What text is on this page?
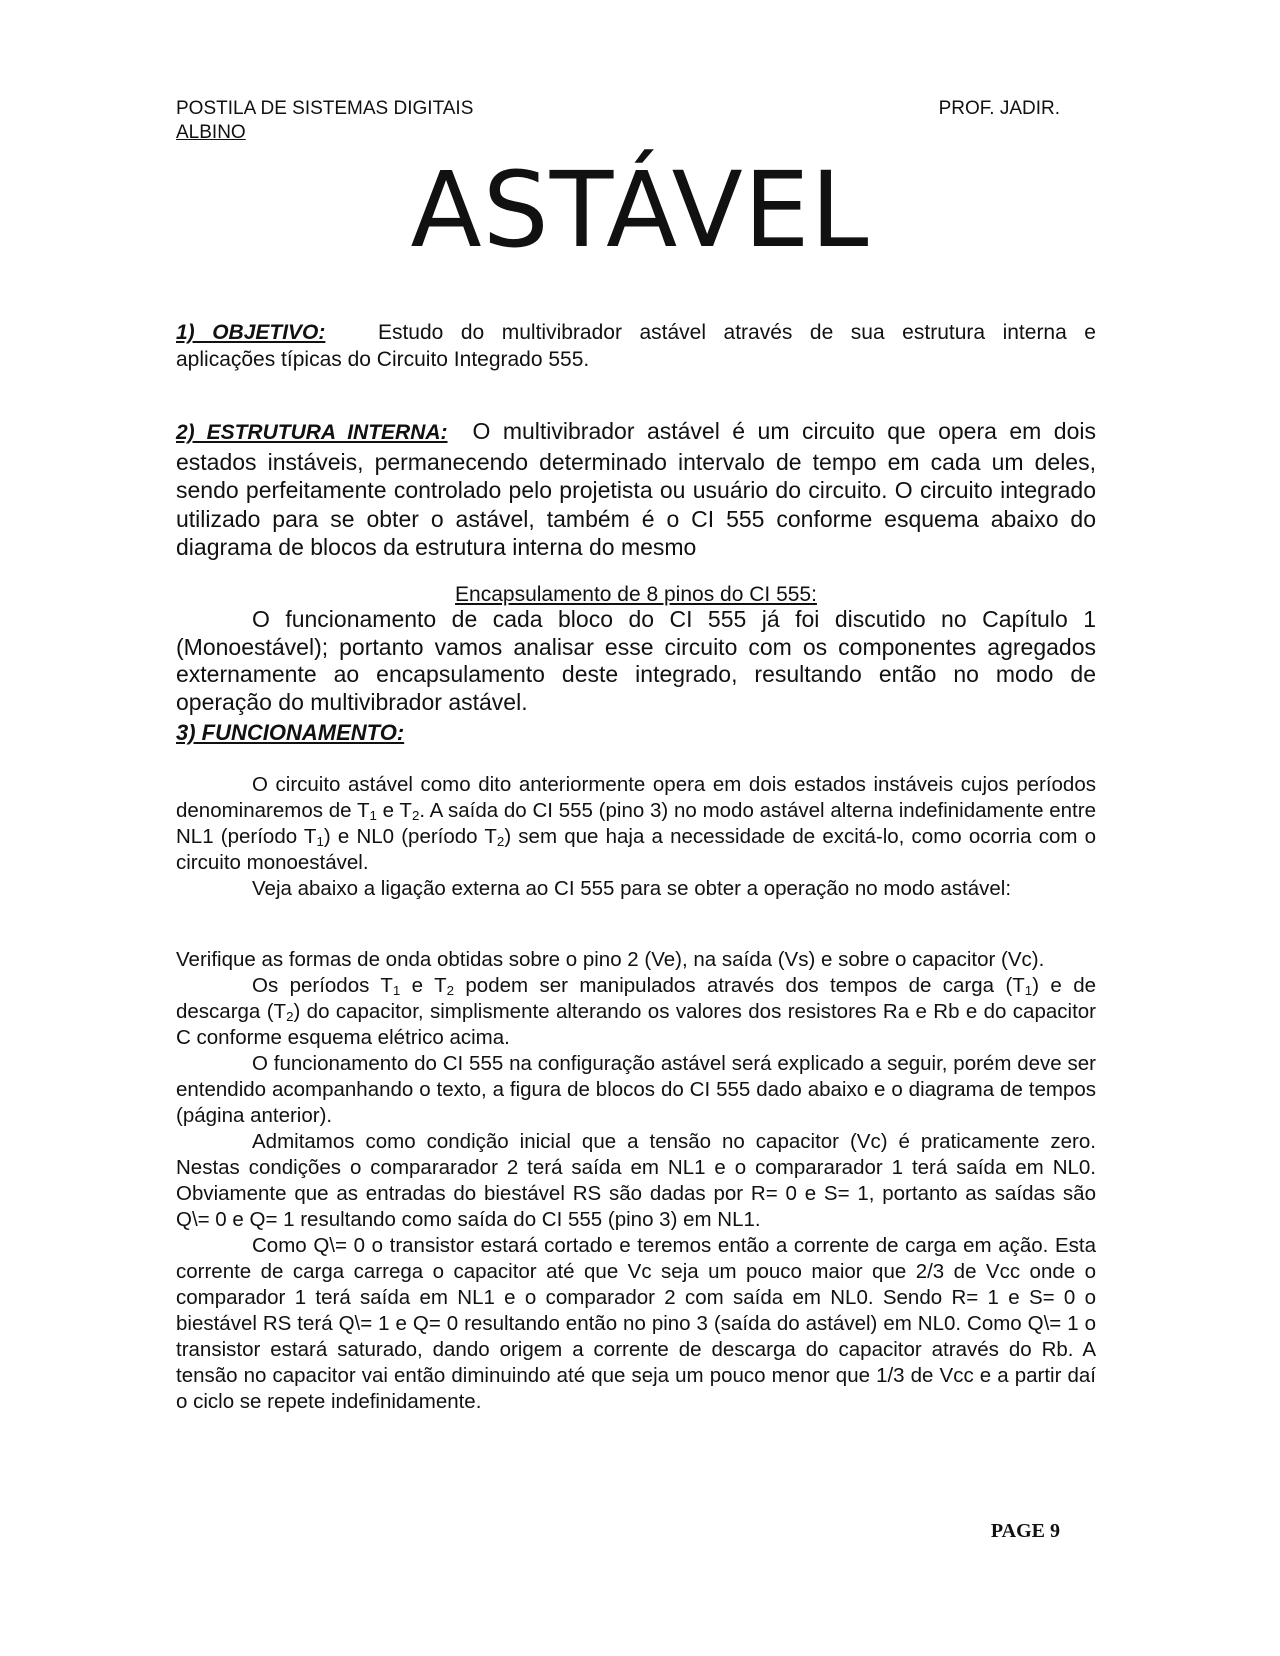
POSTILA DE SISTEMAS DIGITAIS	PROF. JADIR.
ALBINO
ASTÁVEL

1) OBJETIVO:	Estudo do multivibrador astável através de sua estrutura interna e

aplicações típicas do Circuito Integrado 555.

2) ESTRUTURA INTERNA: O multivibrador astável é um circuito que opera em dois estados instáveis, permanecendo determinado intervalo de tempo em cada um deles, sendo perfeitamente controlado pelo projetista ou usuário do circuito. O circuito integrado utilizado para se obter o astável, também é o CI 555 conforme esquema abaixo do diagrama de blocos da estrutura interna do mesmo

Encapsulamento de 8 pinos do CI 555:

O funcionamento de cada bloco do CI 555 já foi discutido no Capítulo 1 (Monoestável); portanto vamos analisar esse circuito com os componentes agregados externamente ao encapsulamento deste integrado, resultando então no modo de operação do multivibrador astável.

3) FUNCIONAMENTO:

O circuito astável como dito anteriormente opera em dois estados instáveis cujos períodos denominaremos de $T_1$ e $T_2$. A saída do CI 555 (pino 3) no modo astável alterna indefinidamente entre NL1 (período $T_1$) e NL0 (período $T_2$) sem que haja a necessidade de excitá-lo, como ocorria com o circuito monoestável.

Veja abaixo a ligação externa ao CI 555 para se obter a operação no modo astável:

Verifique as formas de onda obtidas sobre o pino 2 (Ve), na saída (Vs) e sobre o capacitor (Vc).

Os períodos $T_1$ e $T_2$ podem ser manipulados através dos tempos de carga $(T_1)$ e de descarga $(T_2)$ do capacitor, simplismente alterando os valores dos resistores Ra e Rb e do capacitor C conforme esquema elétrico acima.

O funcionamento do CI 555 na configuração astável será explicado a seguir, porém deve ser entendido acompanhando o texto, a figura de blocos do CI 555 dado abaixo e o diagrama de tempos (página anterior).

Admitamos como condição inicial que a tensão no capacitor (Vc) é praticamente zero. Nestas condições o compararador 2 terá saída em NL1 e o compararador 1 terá saída em NL0. Obviamente que as entradas do biestável RS são dadas por R= 0 e S= 1, portanto as saídas são Q\= 0 e Q= 1 resultando como saída do CI 555 (pino 3) em NL1.

Como Q\= 0 o transistor estará cortado e teremos então a corrente de carga em ação. Esta corrente de carga carrega o capacitor até que Vc seja um pouco maior que 2/3 de Vcc onde o comparador 1 terá saída em NL1 e o comparador 2 com saída em NL0. Sendo R= 1 e S= 0 o biestável RS terá Q\= 1 e Q= 0 resultando então no pino 3 (saída do astável) em NL0. Como Q\= 1 o transistor estará saturado, dando origem a corrente de descarga do capacitor através do Rb. A tensão no capacitor vai então diminuindo até que seja um pouco menor que 1/3 de Vcc e a partir daí o ciclo se repete indefinidamente.

PAGE 9
